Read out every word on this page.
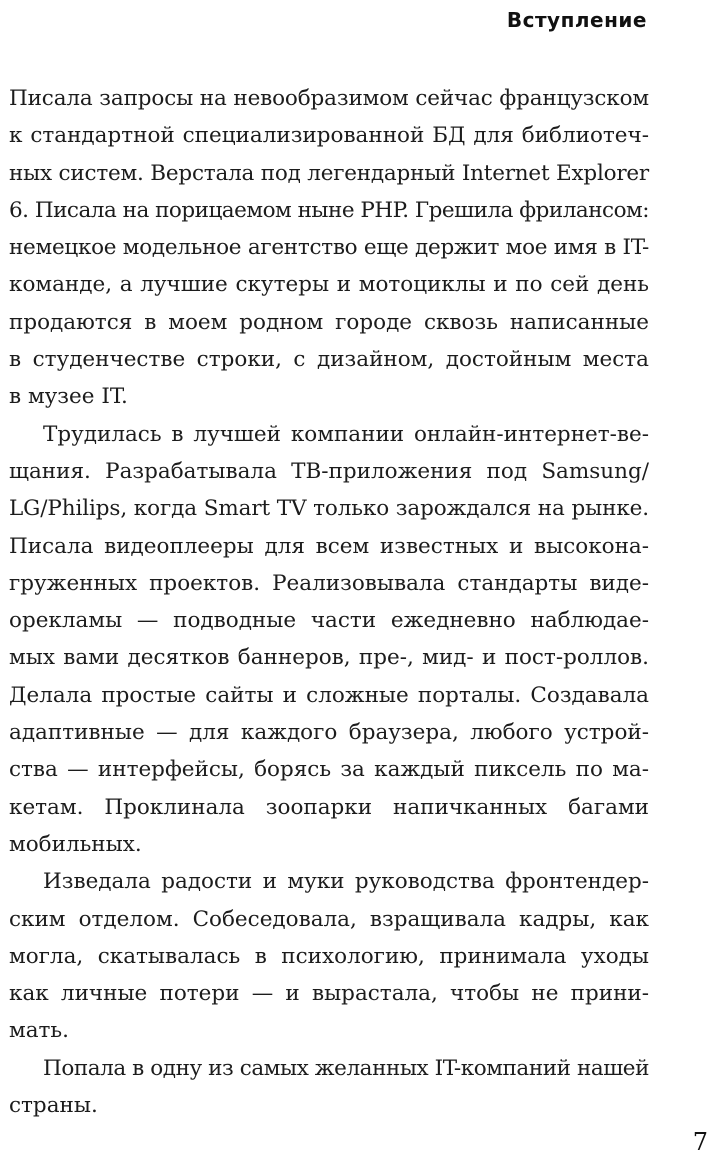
Вступление
Писала запросы на невообразимом сейчас французском
к стандартной специализированной БД для библиотеч-
ных систем. Верстала под легендарный Internet Explorer
6. Писала на порицаемом ныне PHP. Грешила фрилансом:
немецкое модельное агентство еще держит мое имя в IT-
команде, а лучшие скутеры и мотоциклы и по сей день
продаются в моем родном городе сквозь написанные
в студенчестве строки, с дизайном, достойным места
в музее IT.
Трудилась в лучшей компании онлайн-интернет-ве-
щания. Разрабатывала ТВ-приложения под Samsung/
LG/Philips, когда Smart TV только зарождался на рынке.
Писала видеоплееры для всем известных и высокона-
груженных проектов. Реализовывала стандарты виде-
орекламы — подводные части ежедневно наблюдае-
мых вами десятков баннеров, пре-, мид- и пост-роллов.
Делала простые сайты и сложные порталы. Создавала
адаптивные — для каждого браузера, любого устрой-
ства — интерфейсы, борясь за каждый пиксель по ма-
кетам. Проклинала зоопарки напичканных багами
мобильных.
Изведала радости и муки руководства фронтендер-
ским отделом. Собеседовала, взращивала кадры, как
могла, скатывалась в психологию, принимала уходы
как личные потери — и вырастала, чтобы не прини-
мать.
Попала в одну из самых желанных IT-компаний нашей
страны.
7
